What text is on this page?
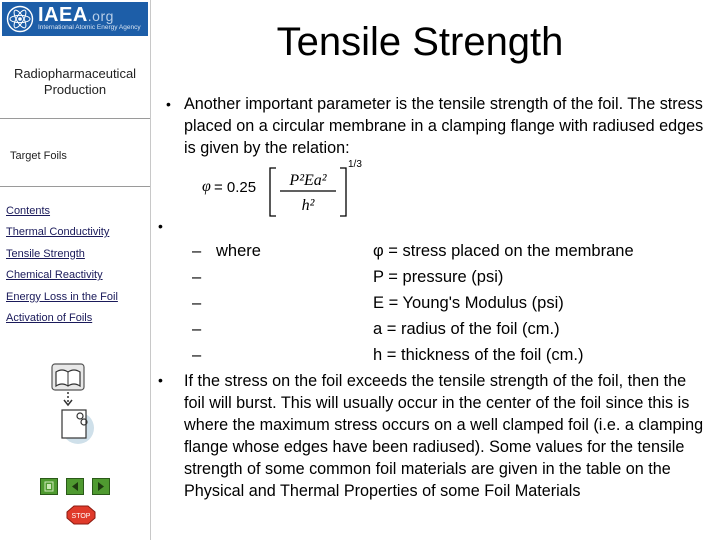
IAEA.org
International Atomic Energy Agency
Radiopharmaceutical Production
Target Foils
Contents
Thermal Conductivity
Tensile Strength
Chemical Reactivity
Energy Loss in the Foil
Activation of Foils
STOP
Tensile Strength
• Another important parameter is the tensile strength of the foil. The stress placed on a circular membrane in a clamping flange with radiused edges is given by the relation:
φ = 0.25 P²Ea²
h²
1/3
•
– where	φ = stress placed on the membrane
–	P = pressure (psi)
–	E = Young's Modulus (psi)
–	a = radius of the foil (cm.)
–	h = thickness of the foil (cm.)
• If the stress on the foil exceeds the tensile strength of the foil, then the foil will burst. This will usually occur in the center of the foil since this is where the maximum stress occurs on a well clamped foil (i.e. a clamping flange whose edges have been radiused). Some values for the tensile strength of some common foil materials are given in the table on the Physical and Thermal Properties of some Foil Materials
